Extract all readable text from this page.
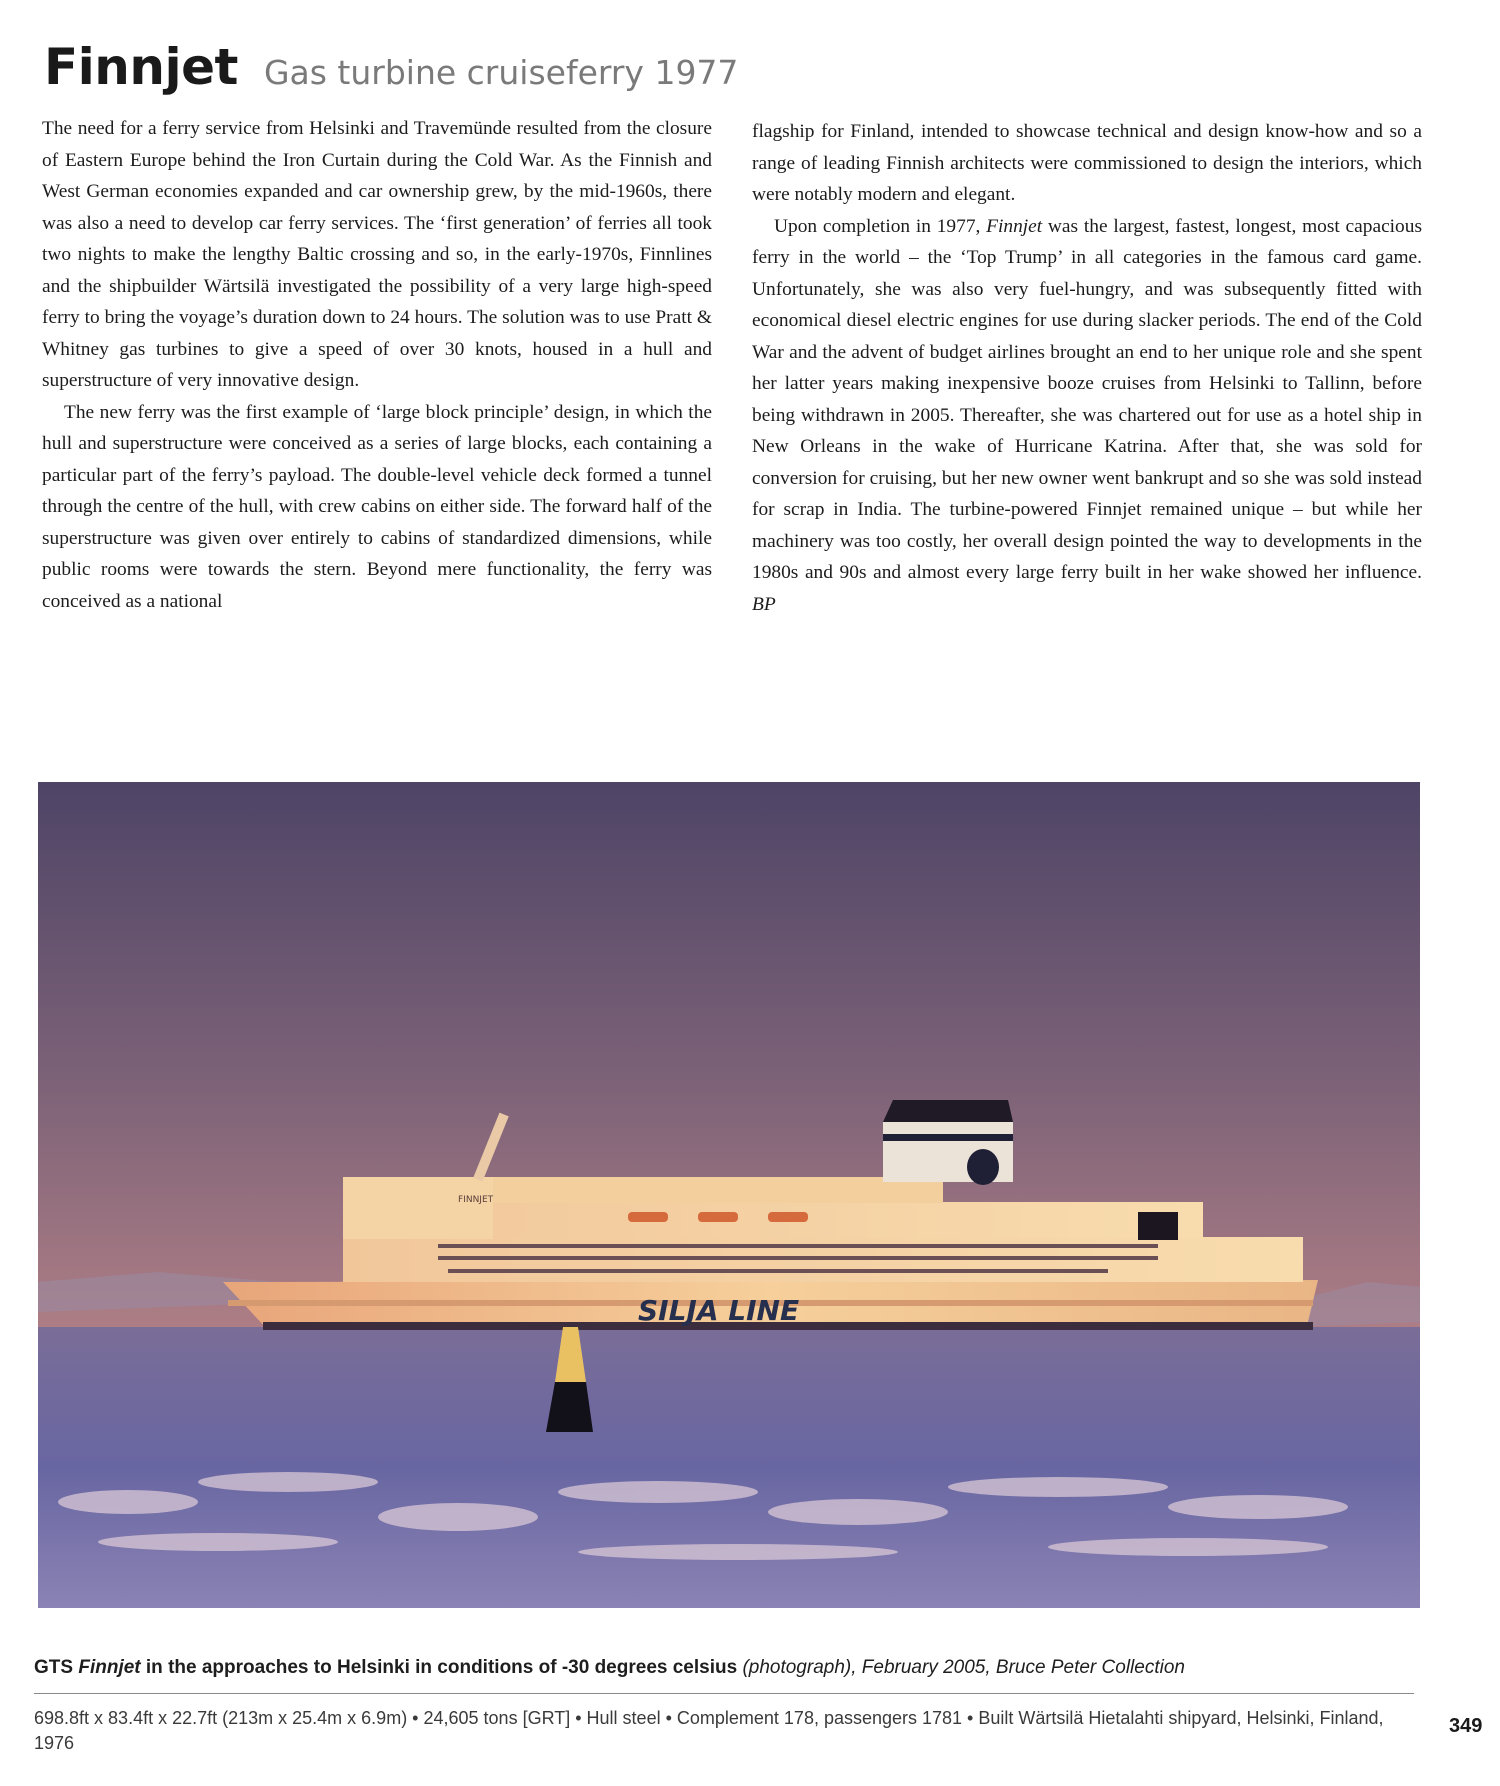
Finnjet Gas turbine cruiseferry 1977

The need for a ferry service from Helsinki and Travemünde resulted from the closure of Eastern Europe behind the Iron Curtain during the Cold War. As the Finnish and West German economies expanded and car ownership grew, by the mid-1960s, there was also a need to develop car ferry services. The ‘first generation’ of ferries all took two nights to make the lengthy Baltic crossing and so, in the early-1970s, Finnlines and the shipbuilder Wärtsilä investigated the possibility of a very large high-speed ferry to bring the voyage’s duration down to 24 hours. The solution was to use Pratt & Whitney gas turbines to give a speed of over 30 knots, housed in a hull and superstructure of very innovative design.

The new ferry was the first example of ‘large block principle’ design, in which the hull and superstructure were conceived as a series of large blocks, each containing a particular part of the ferry’s payload. The double-level vehicle deck formed a tunnel through the centre of the hull, with crew cabins on either side. The forward half of the superstructure was given over entirely to cabins of standardized dimensions, while public rooms were towards the stern. Beyond mere functionality, the ferry was conceived as a national

flagship for Finland, intended to showcase technical and design know-how and so a range of leading Finnish architects were commissioned to design the interiors, which were notably modern and elegant.

Upon completion in 1977, Finnjet was the largest, fastest, longest, most capacious ferry in the world – the ‘Top Trump’ in all categories in the famous card game. Unfortunately, she was also very fuel-hungry, and was subsequently fitted with economical diesel electric engines for use during slacker periods. The end of the Cold War and the advent of budget airlines brought an end to her unique role and she spent her latter years making inexpensive booze cruises from Helsinki to Tallinn, before being withdrawn in 2005. Thereafter, she was chartered out for use as a hotel ship in New Orleans in the wake of Hurricane Katrina. After that, she was sold for conversion for cruising, but her new owner went bankrupt and so she was sold instead for scrap in India. The turbine-powered Finnjet remained unique – but while her machinery was too costly, her overall design pointed the way to developments in the 1980s and 90s and almost every large ferry built in her wake showed her influence. BP

FINNJET
SILJA LINE
GTS Finnjet in the approaches to Helsinki in conditions of -30 degrees celsius (photograph), February 2005, Bruce Peter Collection
698.8ft x 83.4ft x 22.7ft (213m x 25.4m x 6.9m) • 24,605 tons [GRT] • Hull steel • Complement 178, passengers 1781 • Built Wärtsilä Hietalahti shipyard, Helsinki, Finland, 1976
349
